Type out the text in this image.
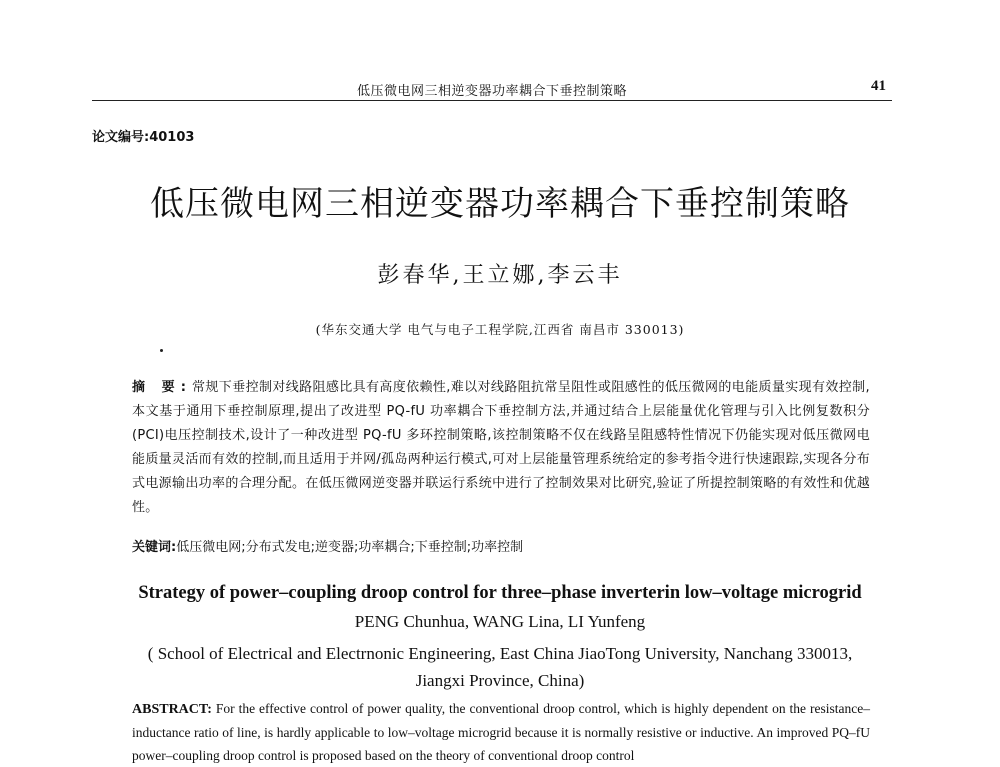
低压微电网三相逆变器功率耦合下垂控制策略	41
论文编号:40103
低压微电网三相逆变器功率耦合下垂控制策略
彭春华,王立娜,李云丰
(华东交通大学 电气与电子工程学院,江西省 南昌市 330013)
摘 要:常规下垂控制对线路阻感比具有高度依赖性,难以对线路阻抗常呈阻性或阻感性的低压微网的电能质量实现有效控制,本文基于通用下垂控制原理,提出了改进型 PQ-fU 功率耦合下垂控制方法,并通过结合上层能量优化管理与引入比例复数积分(PCI)电压控制技术,设计了一种改进型 PQ-fU 多环控制策略,该控制策略不仅在线路呈阻感特性情况下仍能实现对低压微网电能质量灵活而有效的控制,而且适用于并网/孤岛两种运行模式,可对上层能量管理系统给定的参考指令进行快速跟踪,实现各分布式电源输出功率的合理分配。在低压微网逆变器并联运行系统中进行了控制效果对比研究,验证了所提控制策略的有效性和优越性。
关键词:低压微电网;分布式发电;逆变器;功率耦合;下垂控制;功率控制
Strategy of power–coupling droop control for three–phase inverterin low–voltage microgrid
PENG Chunhua, WANG Lina, LI Yunfeng
( School of Electrical and Electrnonic Engineering, East China JiaoTong University, Nanchang 330013, Jiangxi Province, China)
ABSTRACT: For the effective control of power quality, the conventional droop control, which is highly dependent on the resistance–inductance ratio of line, is hardly applicable to low–voltage microgrid because it is normally resistive or inductive. An improved PQ–fU power–coupling droop control is proposed based on the theory of conventional droop control
